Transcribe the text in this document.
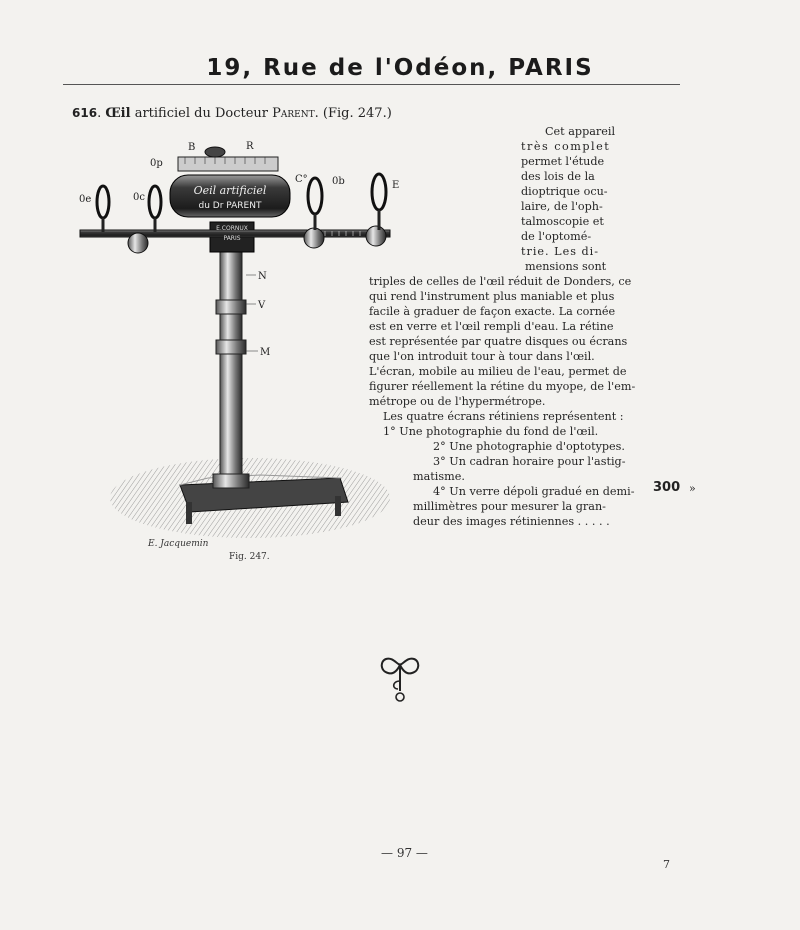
19, Rue de l'Odéon, PARIS
616. Œil artificiel du Docteur Parent. (Fig. 247.)
Oeil artificiel
du Dr PARENT
E.CORNUX
PARIS
B	R
0p
0e	0c
C° 0b	E
N
V
M
E. Jacquemin
Fig. 247.
Cet appareil
très complet
permet l'étude
des lois de la
dioptrique ocu-
laire, de l'oph-
talmoscopie et
de l'optomé-
trie. Les di-
mensions sont
triples de celles de l'œil réduit de Donders, ce
qui rend l'instrument plus maniable et plus
facile à graduer de façon exacte. La cornée
est en verre et l'œil rempli d'eau. La rétine
est représentée par quatre disques ou écrans
que l'on introduit tour à tour dans l'œil.
L'écran, mobile au milieu de l'eau, permet de
figurer réellement la rétine du myope, de l'em-
métrope ou de l'hypermétrope.
Les quatre écrans rétiniens représentent :
1° Une photographie du fond de l'œil.
2° Une photographie d'optotypes.
3° Un cadran horaire pour l'astig-
matisme.
4° Un verre dépoli gradué en demi-
millimètres pour mesurer la gran-
deur des images rétiniennes . . . . .
300 »
— 97 —
7
